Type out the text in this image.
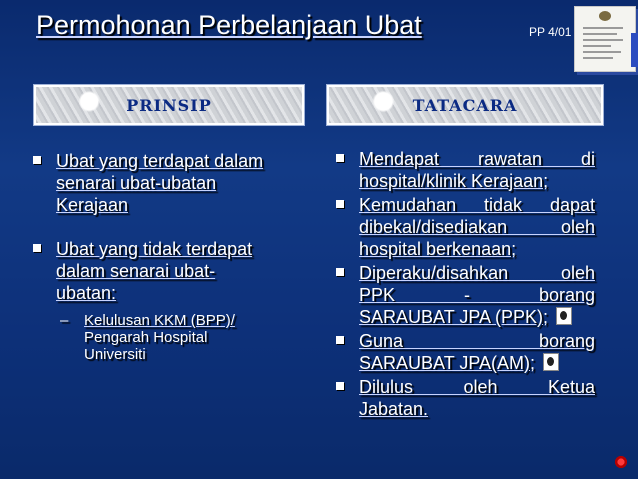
Permohonan Perbelanjaan Ubat	PP 4/01
PRINSIP	TATACARA
Ubat yang terdapat dalam
senarai ubat-ubatan
Kerajaan
Ubat yang tidak terdapat
dalam senarai ubat-
ubatan:
– Kelulusan KKM (BPP)/
Pengarah Hospital
Universiti
Mendapat rawatan di
hospital/klinik Kerajaan;
Kemudahan tidak dapat
dibekal/disediakan oleh
hospital berkenaan;
Diperaku/disahkan oleh
PPK - borang
SARAUBAT JPA (PPK);
Guna borang
SARAUBAT JPA(AM);
Dilulus oleh Ketua
Jabatan.
